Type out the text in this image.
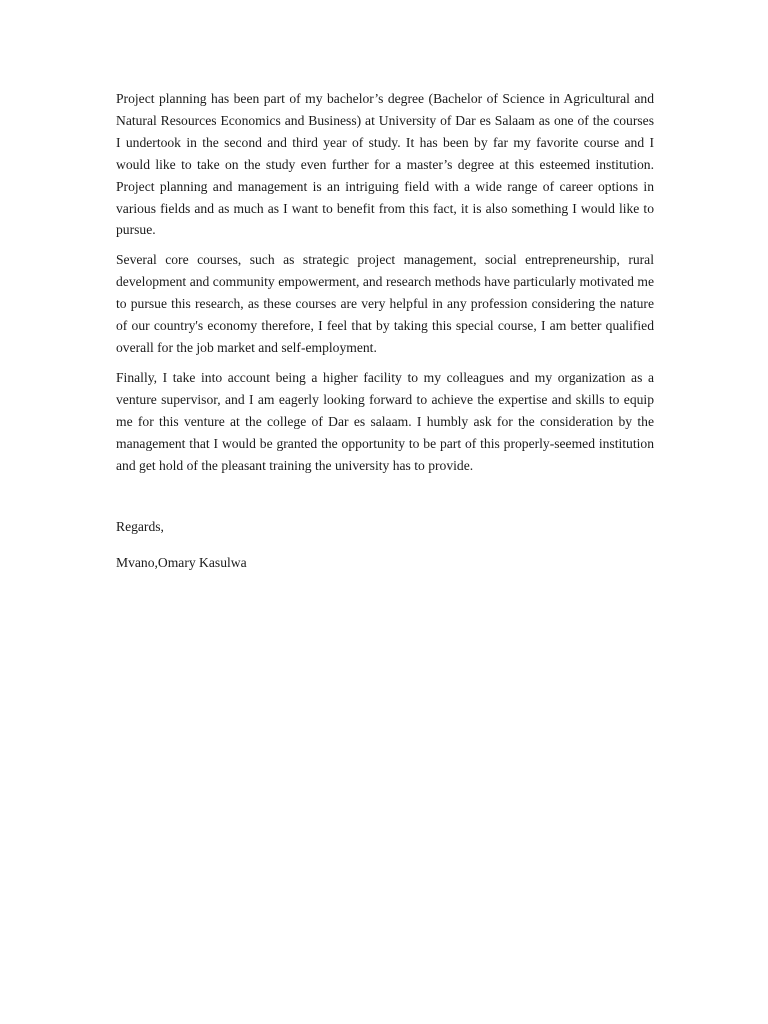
Project planning has been part of my bachelor’s degree (Bachelor of Science in Agricultural and Natural Resources Economics and Business) at University of Dar es Salaam as one of the courses I undertook in the second and third year of study. It has been by far my favorite course and I would like to take on the study even further for a master’s degree at this esteemed institution. Project planning and management is an intriguing field with a wide range of career options in various fields and as much as I want to benefit from this fact, it is also something I would like to pursue.

Several core courses, such as strategic project management, social entrepreneurship, rural development and community empowerment, and research methods have particularly motivated me to pursue this research, as these courses are very helpful in any profession considering the nature of our country's economy therefore, I feel that by taking this special course, I am better qualified overall for the job market and self-employment.

Finally, I take into account being a higher facility to my colleagues and my organization as a venture supervisor, and I am eagerly looking forward to achieve the expertise and skills to equip me for this venture at the college of Dar es salaam. I humbly ask for the consideration by the management that I would be granted the opportunity to be part of this properly-seemed institution and get hold of the pleasant training the university has to provide.

Regards,

Mvano,Omary Kasulwa
